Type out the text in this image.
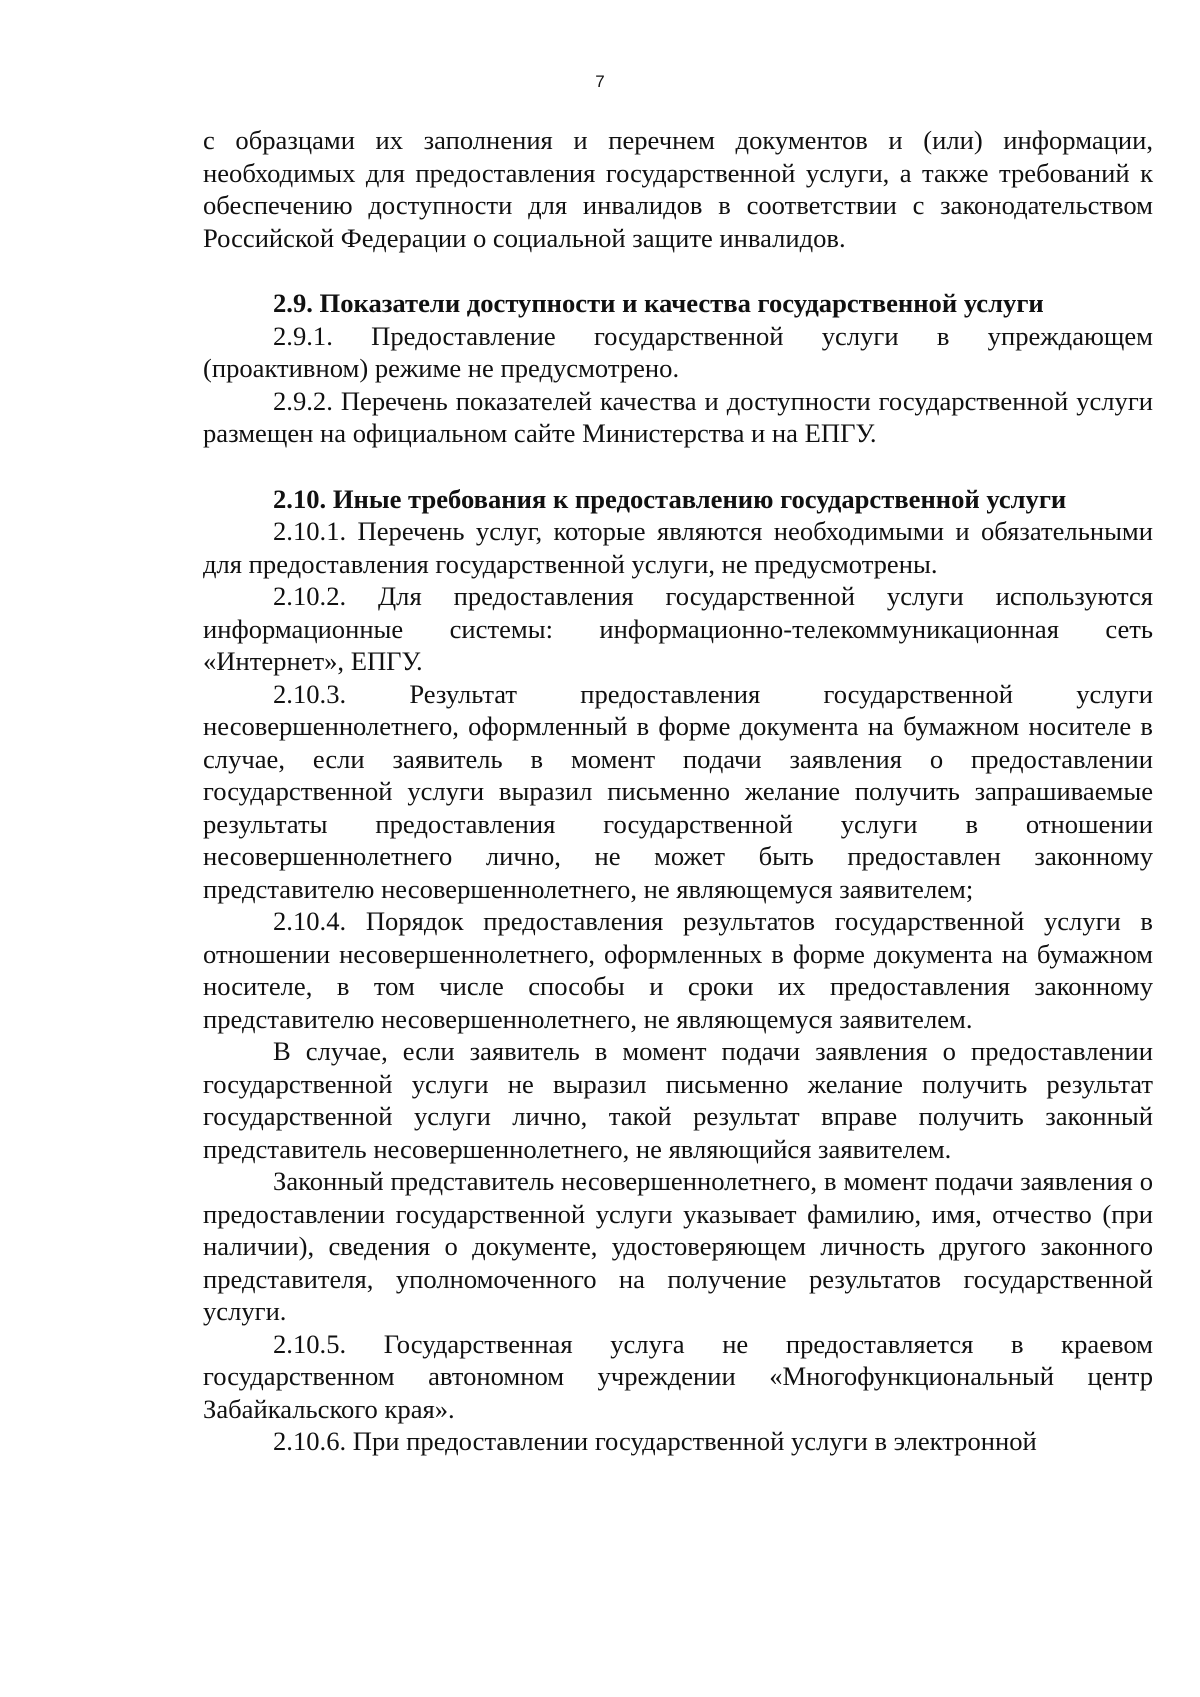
7

с образцами их заполнения и перечнем документов и (или) информации, необходимых для предоставления государственной услуги, а также требований к обеспечению доступности для инвалидов в соответствии с законодательством Российской Федерации о социальной защите инвалидов.

2.9. Показатели доступности и качества государственной услуги

2.9.1. Предоставление государственной услуги в упреждающем (проактивном) режиме не предусмотрено.

2.9.2. Перечень показателей качества и доступности государственной услуги размещен на официальном сайте Министерства и на ЕПГУ.

2.10. Иные требования к предоставлению государственной услуги

2.10.1. Перечень услуг, которые являются необходимыми и обязательными для предоставления государственной услуги, не предусмотрены.

2.10.2. Для предоставления государственной услуги используются информационные системы: информационно-телекоммуникационная сеть «Интернет», ЕПГУ.

2.10.3. Результат предоставления государственной услуги несовершеннолетнего, оформленный в форме документа на бумажном носителе в случае, если заявитель в момент подачи заявления о предоставлении государственной услуги выразил письменно желание получить запрашиваемые результаты предоставления государственной услуги в отношении несовершеннолетнего лично, не может быть предоставлен законному представителю несовершеннолетнего, не являющемуся заявителем;

2.10.4. Порядок предоставления результатов государственной услуги в отношении несовершеннолетнего, оформленных в форме документа на бумажном носителе, в том числе способы и сроки их предоставления законному представителю несовершеннолетнего, не являющемуся заявителем.

В случае, если заявитель в момент подачи заявления о предоставлении государственной услуги не выразил письменно желание получить результат государственной услуги лично, такой результат вправе получить законный представитель несовершеннолетнего, не являющийся заявителем.

Законный представитель несовершеннолетнего, в момент подачи заявления о предоставлении государственной услуги указывает фамилию, имя, отчество (при наличии), сведения о документе, удостоверяющем личность другого законного представителя, уполномоченного на получение результатов государственной услуги.

2.10.5. Государственная услуга не предоставляется в краевом государственном автономном учреждении «Многофункциональный центр Забайкальского края».

2.10.6. При предоставлении государственной услуги в электронной
